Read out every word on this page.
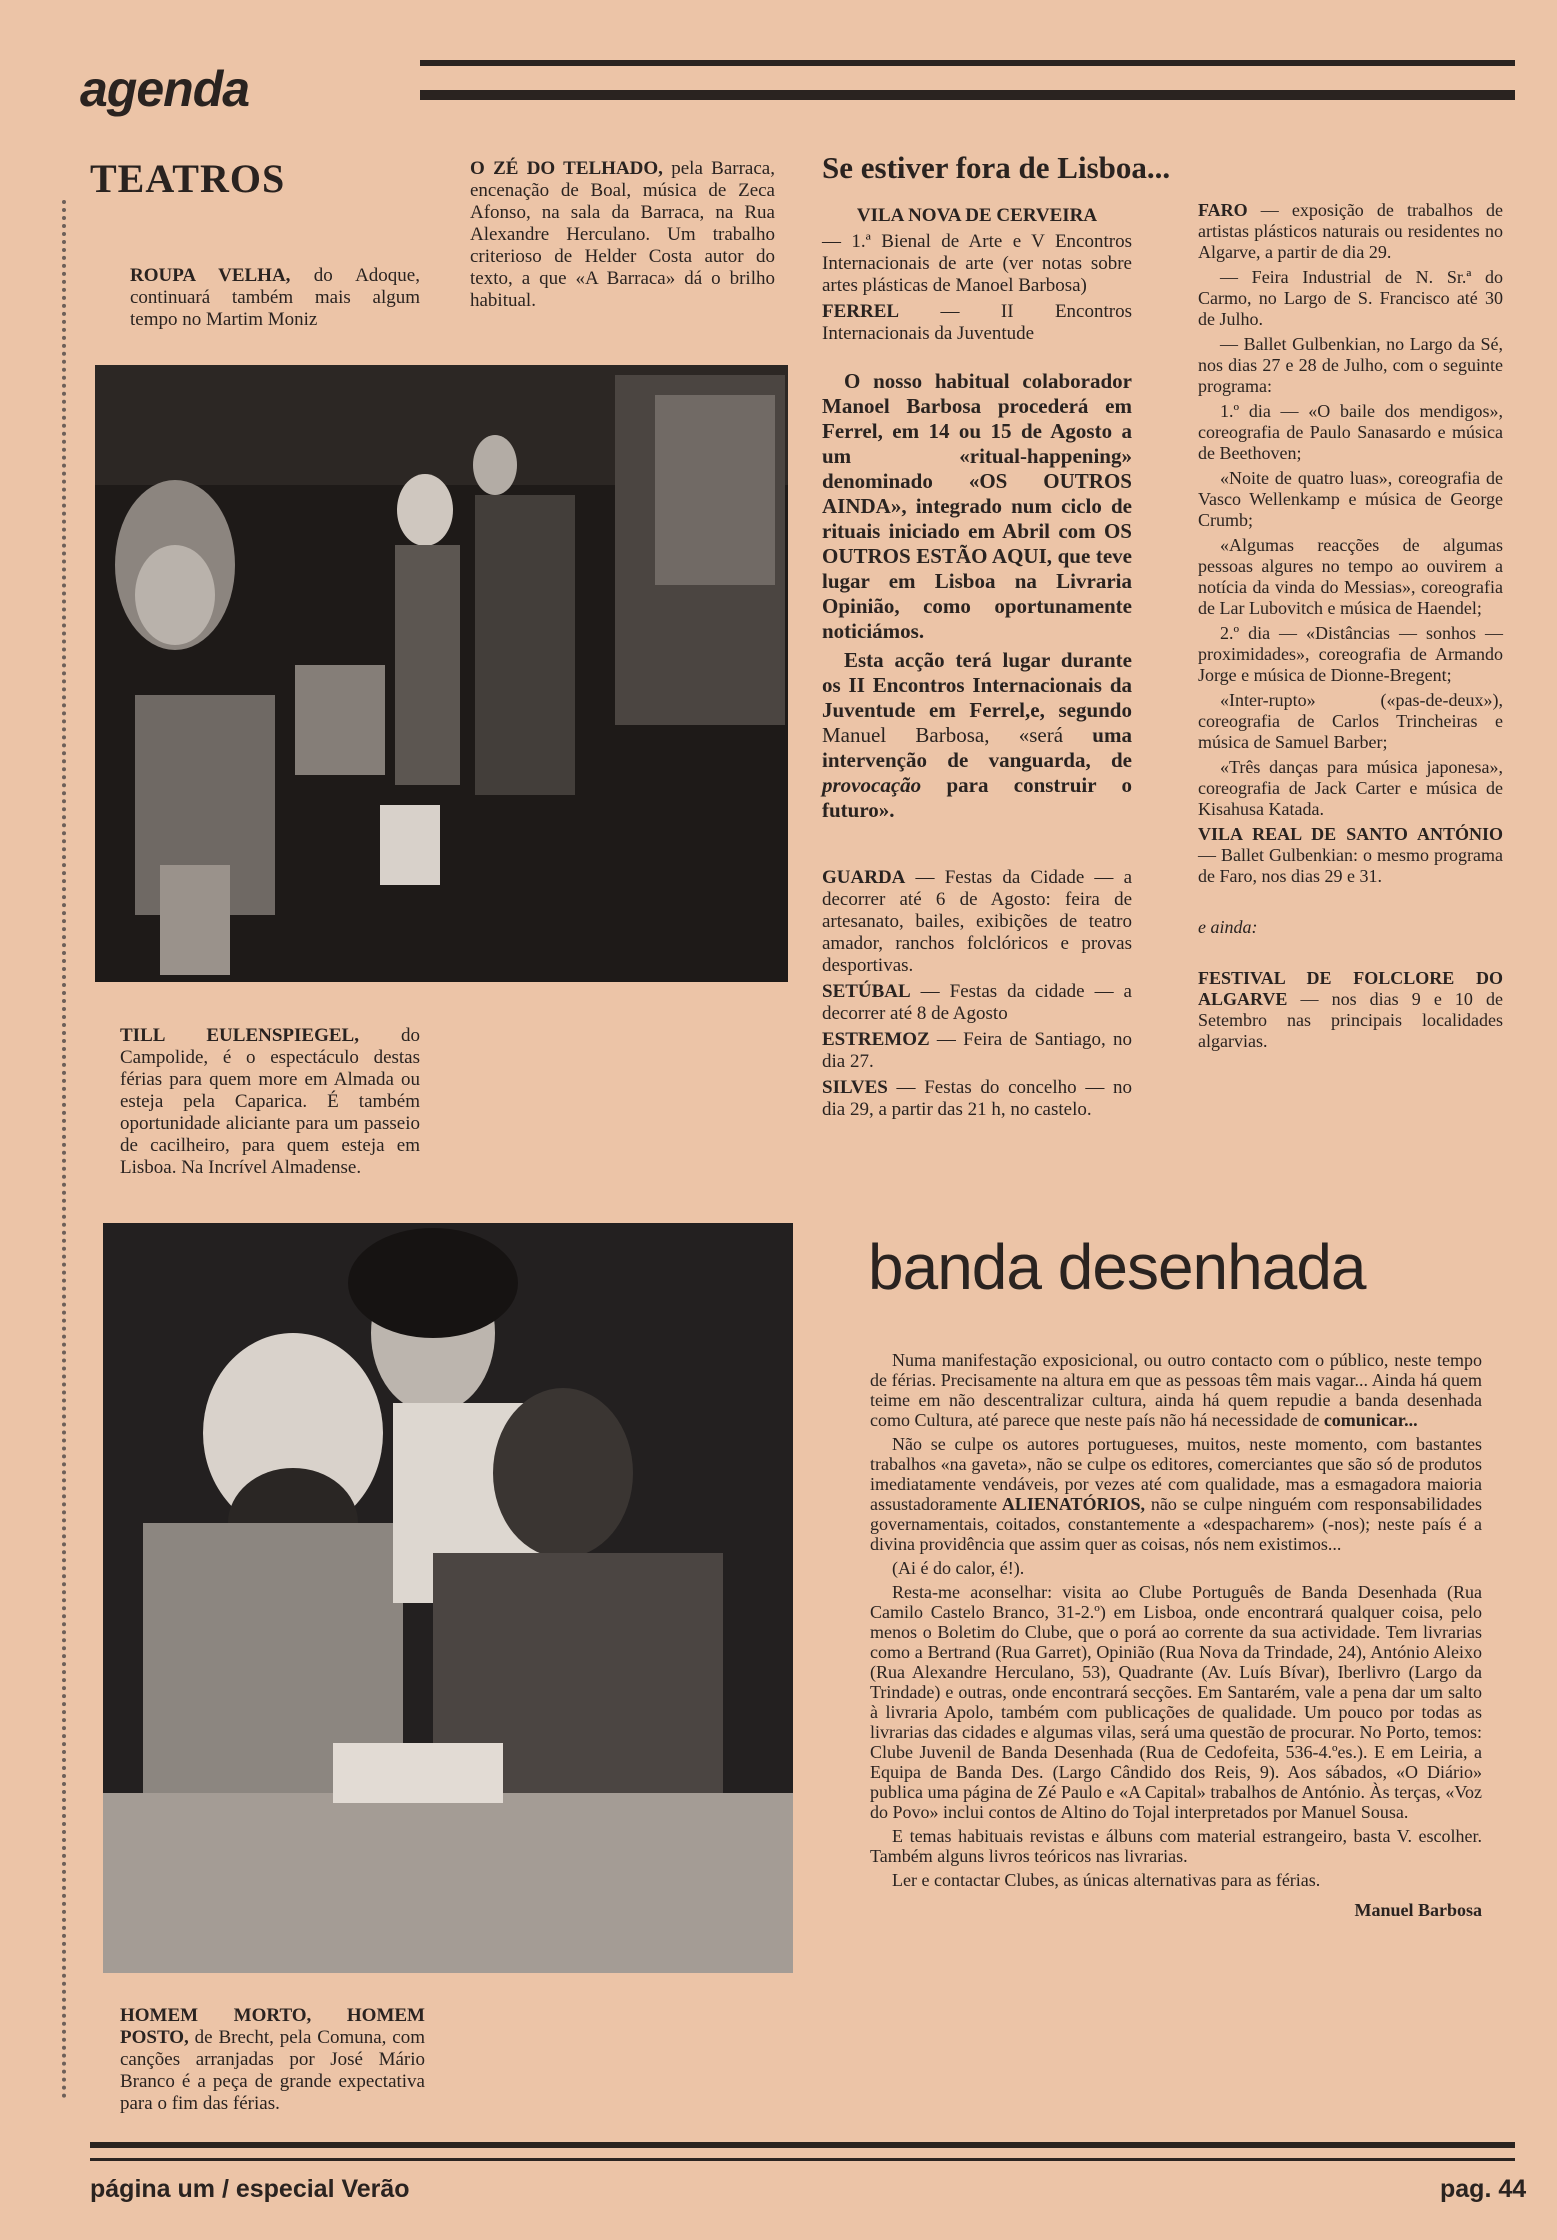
agenda
TEATROS

ROUPA VELHA, do Adoque, continuará também mais algum tempo no Martim Moniz

O ZÉ DO TELHADO, pela Barraca, encenação de Boal, música de Zeca Afonso, na sala da Barraca, na Rua Alexandre Herculano. Um trabalho criterioso de Helder Costa autor do texto, a que «A Barraca» dá o brilho habitual.

TILL EULENSPIEGEL, do Campolide, é o espectáculo destas férias para quem more em Almada ou esteja pela Caparica. É também oportunidade aliciante para um passeio de cacilheiro, para quem esteja em Lisboa. Na Incrível Almadense.

HOMEM MORTO, HOMEM POSTO, de Brecht, pela Comuna, com canções arranjadas por José Mário Branco é a peça de grande expectativa para o fim das férias.

Se estiver fora de Lisboa...

VILA NOVA DE CERVEIRA

— 1.ª Bienal de Arte e V Encontros Internacionais de arte (ver notas sobre artes plásticas de Manoel Barbosa)

FERREL — II Encontros Internacionais da Juventude

O nosso habitual colaborador Manoel Barbosa procederá em Ferrel, em 14 ou 15 de Agosto a um «ritual-happening» denominado «OS OUTROS AINDA», integrado num ciclo de rituais iniciado em Abril com OS OUTROS ESTÃO AQUI, que teve lugar em Lisboa na Livraria Opinião, como oportunamente noticiámos.

Esta acção terá lugar durante os II Encontros Internacionais da Juventude em Ferrel,e, segundo Manuel Barbosa, «será uma intervenção de vanguarda, de provocação para construir o futuro».

GUARDA — Festas da Cidade — a decorrer até 6 de Agosto: feira de artesanato, bailes, exibições de teatro amador, ranchos folclóricos e provas desportivas.

SETÚBAL — Festas da cidade — a decorrer até 8 de Agosto

ESTREMOZ — Feira de Santiago, no dia 27.

SILVES — Festas do concelho — no dia 29, a partir das 21 h, no castelo.

FARO — exposição de trabalhos de artistas plásticos naturais ou residentes no Algarve, a partir de dia 29.

— Feira Industrial de N. Sr.ª do Carmo, no Largo de S. Francisco até 30 de Julho.

— Ballet Gulbenkian, no Largo da Sé, nos dias 27 e 28 de Julho, com o seguinte programa:

1.º dia — «O baile dos mendigos», coreografia de Paulo Sanasardo e música de Beethoven;

«Noite de quatro luas», coreografia de Vasco Wellenkamp e música de George Crumb;

«Algumas reacções de algumas pessoas algures no tempo ao ouvirem a notícia da vinda do Messias», coreografia de Lar Lubovitch e música de Haendel;

2.º dia — «Distâncias — sonhos — proximidades», coreografia de Armando Jorge e música de Dionne-Bregent;

«Inter-rupto» («pas-de-deux»), coreografia de Carlos Trincheiras e música de Samuel Barber;

«Três danças para música japonesa», coreografia de Jack Carter e música de Kisahusa Katada.

VILA REAL DE SANTO ANTÓNIO — Ballet Gulbenkian: o mesmo programa de Faro, nos dias 29 e 31.

e ainda:

FESTIVAL DE FOLCLORE DO ALGARVE — nos dias 9 e 10 de Setembro nas principais localidades algarvias.

banda desenhada

Numa manifestação exposicional, ou outro contacto com o público, neste tempo de férias. Precisamente na altura em que as pessoas têm mais vagar... Ainda há quem teime em não descentralizar cultura, ainda há quem repudie a banda desenhada como Cultura, até parece que neste país não há necessidade de comunicar...

Não se culpe os autores portugueses, muitos, neste momento, com bastantes trabalhos «na gaveta», não se culpe os editores, comerciantes que são só de produtos imediatamente vendáveis, por vezes até com qualidade, mas a esmagadora maioria assustadoramente ALIENATÓRIOS, não se culpe ninguém com responsabilidades governamentais, coitados, constantemente a «despacharem» (-nos); neste país é a divina providência que assim quer as coisas, nós nem existimos...

(Ai é do calor, é!).

Resta-me aconselhar: visita ao Clube Português de Banda Desenhada (Rua Camilo Castelo Branco, 31-2.º) em Lisboa, onde encontrará qualquer coisa, pelo menos o Boletim do Clube, que o porá ao corrente da sua actividade. Tem livrarias como a Bertrand (Rua Garret), Opinião (Rua Nova da Trindade, 24), António Aleixo (Rua Alexandre Herculano, 53), Quadrante (Av. Luís Bívar), Iberlivro (Largo da Trindade) e outras, onde encontrará secções. Em Santarém, vale a pena dar um salto à livraria Apolo, também com publicações de qualidade. Um pouco por todas as livrarias das cidades e algumas vilas, será uma questão de procurar. No Porto, temos: Clube Juvenil de Banda Desenhada (Rua de Cedofeita, 536-4.ºes.). E em Leiria, a Equipa de Banda Des. (Largo Cândido dos Reis, 9). Aos sábados, «O Diário» publica uma página de Zé Paulo e «A Capital» trabalhos de António. Às terças, «Voz do Povo» inclui contos de Altino do Tojal interpretados por Manuel Sousa.

E temas habituais revistas e álbuns com material estrangeiro, basta V. escolher. Também alguns livros teóricos nas livrarias.

Ler e contactar Clubes, as únicas alternativas para as férias.

Manuel Barbosa

página um / especial Verão	pag. 44
